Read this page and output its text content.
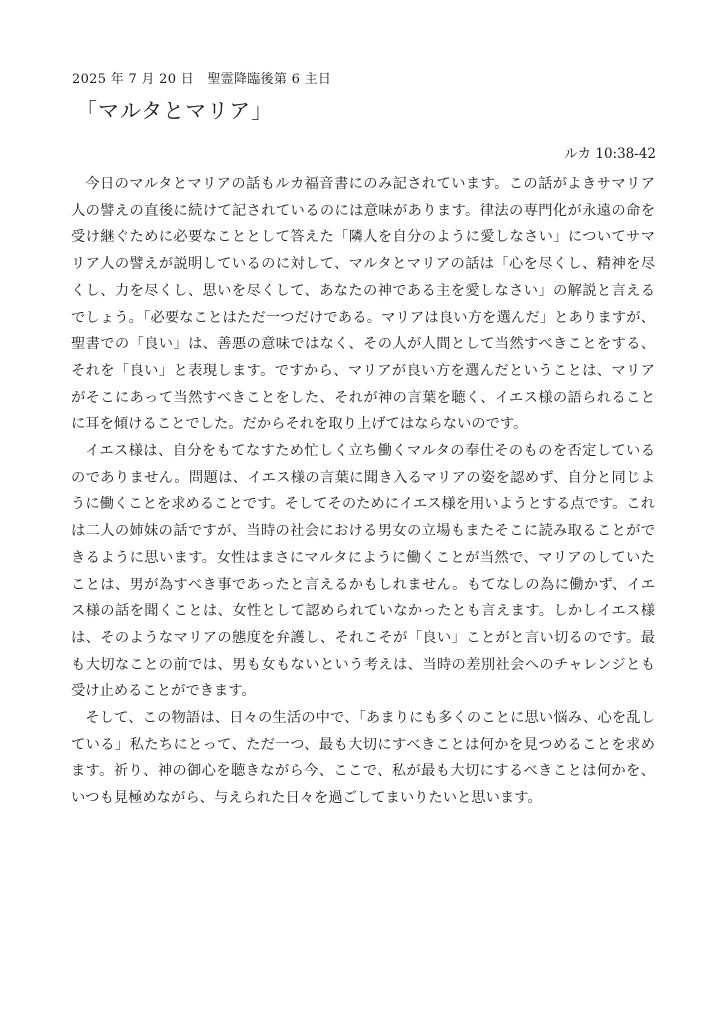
2025 年 7 月 20 日　聖霊降臨後第 6 主日
「マルタとマリア」
ルカ 10:38-42

今日のマルタとマリアの話もルカ福音書にのみ記されています。この話がよきサマリア人の譬えの直後に続けて記されているのには意味があります。律法の専門化が永遠の命を受け継ぐために必要なこととして答えた「隣人を自分のように愛しなさい」についてサマリア人の譬えが説明しているのに対して、マルタとマリアの話は「心を尽くし、精神を尽くし、力を尽くし、思いを尽くして、あなたの神である主を愛しなさい」の解説と言えるでしょう。「必要なことはただ一つだけである。マリアは良い方を選んだ」とありますが、聖書での「良い」は、善悪の意味ではなく、その人が人間として当然すべきことをする、それを「良い」と表現します。ですから、マリアが良い方を選んだということは、マリアがそこにあって当然すべきことをした、それが神の言葉を聴く、イエス様の語られることに耳を傾けることでした。だからそれを取り上げてはならないのです。

イエス様は、自分をもてなすため忙しく立ち働くマルタの奉仕そのものを否定しているのでありません。問題は、イエス様の言葉に聞き入るマリアの姿を認めず、自分と同じように働くことを求めることです。そしてそのためにイエス様を用いようとする点です。これは二人の姉妹の話ですが、当時の社会における男女の立場もまたそこに読み取ることができるように思います。女性はまさにマルタにように働くことが当然で、マリアのしていたことは、男が為すべき事であったと言えるかもしれません。もてなしの為に働かず、イエス様の話を聞くことは、女性として認められていなかったとも言えます。しかしイエス様は、そのようなマリアの態度を弁護し、それこそが「良い」ことがと言い切るのです。最も大切なことの前では、男も女もないという考えは、当時の差別社会へのチャレンジとも受け止めることができます。

そして、この物語は、日々の生活の中で、「あまりにも多くのことに思い悩み、心を乱している」私たちにとって、ただ一つ、最も大切にすべきことは何かを見つめることを求めます。祈り、神の御心を聴きながら今、ここで、私が最も大切にするべきことは何かを、いつも見極めながら、与えられた日々を過ごしてまいりたいと思います。
